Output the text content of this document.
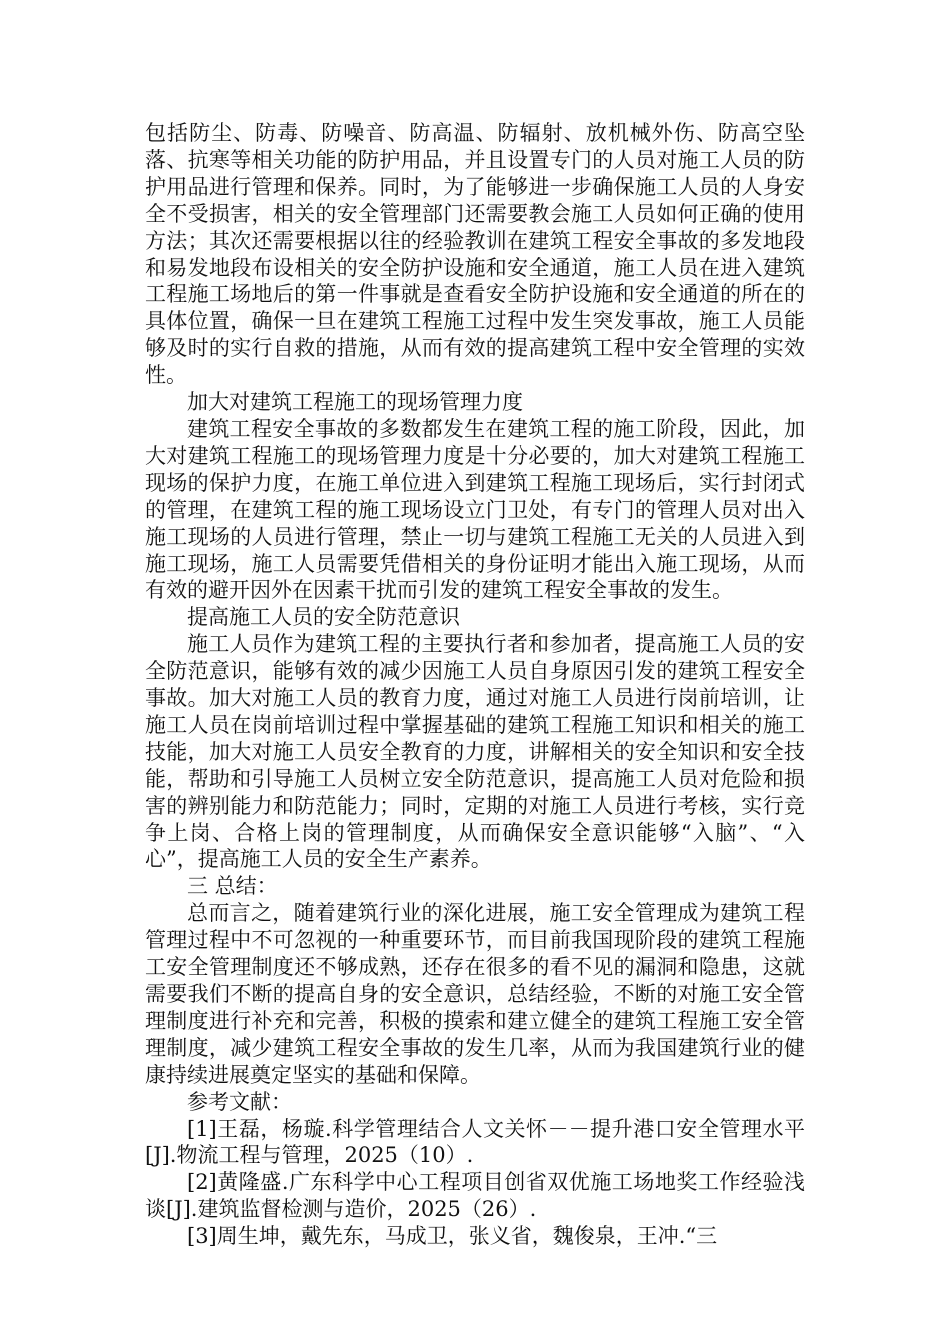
包括防尘、防毒、防噪音、防高温、防辐射、放机械外伤、防高空坠落、抗寒等相关功能的防护用品，并且设置专门的人员对施工人员的防护用品进行管理和保养。同时，为了能够进一步确保施工人员的人身安全不受损害，相关的安全管理部门还需要教会施工人员如何正确的使用方法；其次还需要根据以往的经验教训在建筑工程安全事故的多发地段和易发地段布设相关的安全防护设施和安全通道，施工人员在进入建筑工程施工场地后的第一件事就是查看安全防护设施和安全通道的所在的具体位置，确保一旦在建筑工程施工过程中发生突发事故，施工人员能够及时的实行自救的措施，从而有效的提高建筑工程中安全管理的实效性。

加大对建筑工程施工的现场管理力度

建筑工程安全事故的多数都发生在建筑工程的施工阶段，因此，加大对建筑工程施工的现场管理力度是十分必要的，加大对建筑工程施工现场的保护力度，在施工单位进入到建筑工程施工现场后，实行封闭式的管理，在建筑工程的施工现场设立门卫处，有专门的管理人员对出入施工现场的人员进行管理，禁止一切与建筑工程施工无关的人员进入到施工现场，施工人员需要凭借相关的身份证明才能出入施工现场，从而有效的避开因外在因素干扰而引发的建筑工程安全事故的发生。

提高施工人员的安全防范意识

施工人员作为建筑工程的主要执行者和参加者，提高施工人员的安全防范意识，能够有效的减少因施工人员自身原因引发的建筑工程安全事故。加大对施工人员的教育力度，通过对施工人员进行岗前培训，让施工人员在岗前培训过程中掌握基础的建筑工程施工知识和相关的施工技能，加大对施工人员安全教育的力度，讲解相关的安全知识和安全技能，帮助和引导施工人员树立安全防范意识，提高施工人员对危险和损害的辨别能力和防范能力；同时，定期的对施工人员进行考核，实行竞争上岗、合格上岗的管理制度，从而确保安全意识能够“入脑”、“入心”，提高施工人员的安全生产素养。

三 总结：

总而言之，随着建筑行业的深化进展，施工安全管理成为建筑工程管理过程中不可忽视的一种重要环节，而目前我国现阶段的建筑工程施工安全管理制度还不够成熟，还存在很多的看不见的漏洞和隐患，这就需要我们不断的提高自身的安全意识，总结经验，不断的对施工安全管理制度进行补充和完善，积极的摸索和建立健全的建筑工程施工安全管理制度，减少建筑工程安全事故的发生几率，从而为我国建筑行业的健康持续进展奠定坚实的基础和保障。

参考文献：

[1]王磊，杨璇.科学管理结合人文关怀－－提升港口安全管理水平[J].物流工程与管理，2025（10）.

[2]黄隆盛.广东科学中心工程项目创省双优施工场地奖工作经验浅谈[J].建筑监督检测与造价，2025（26）.

[3]周生坤，戴先东，马成卫，张义省，魏俊泉，王冲.“三
